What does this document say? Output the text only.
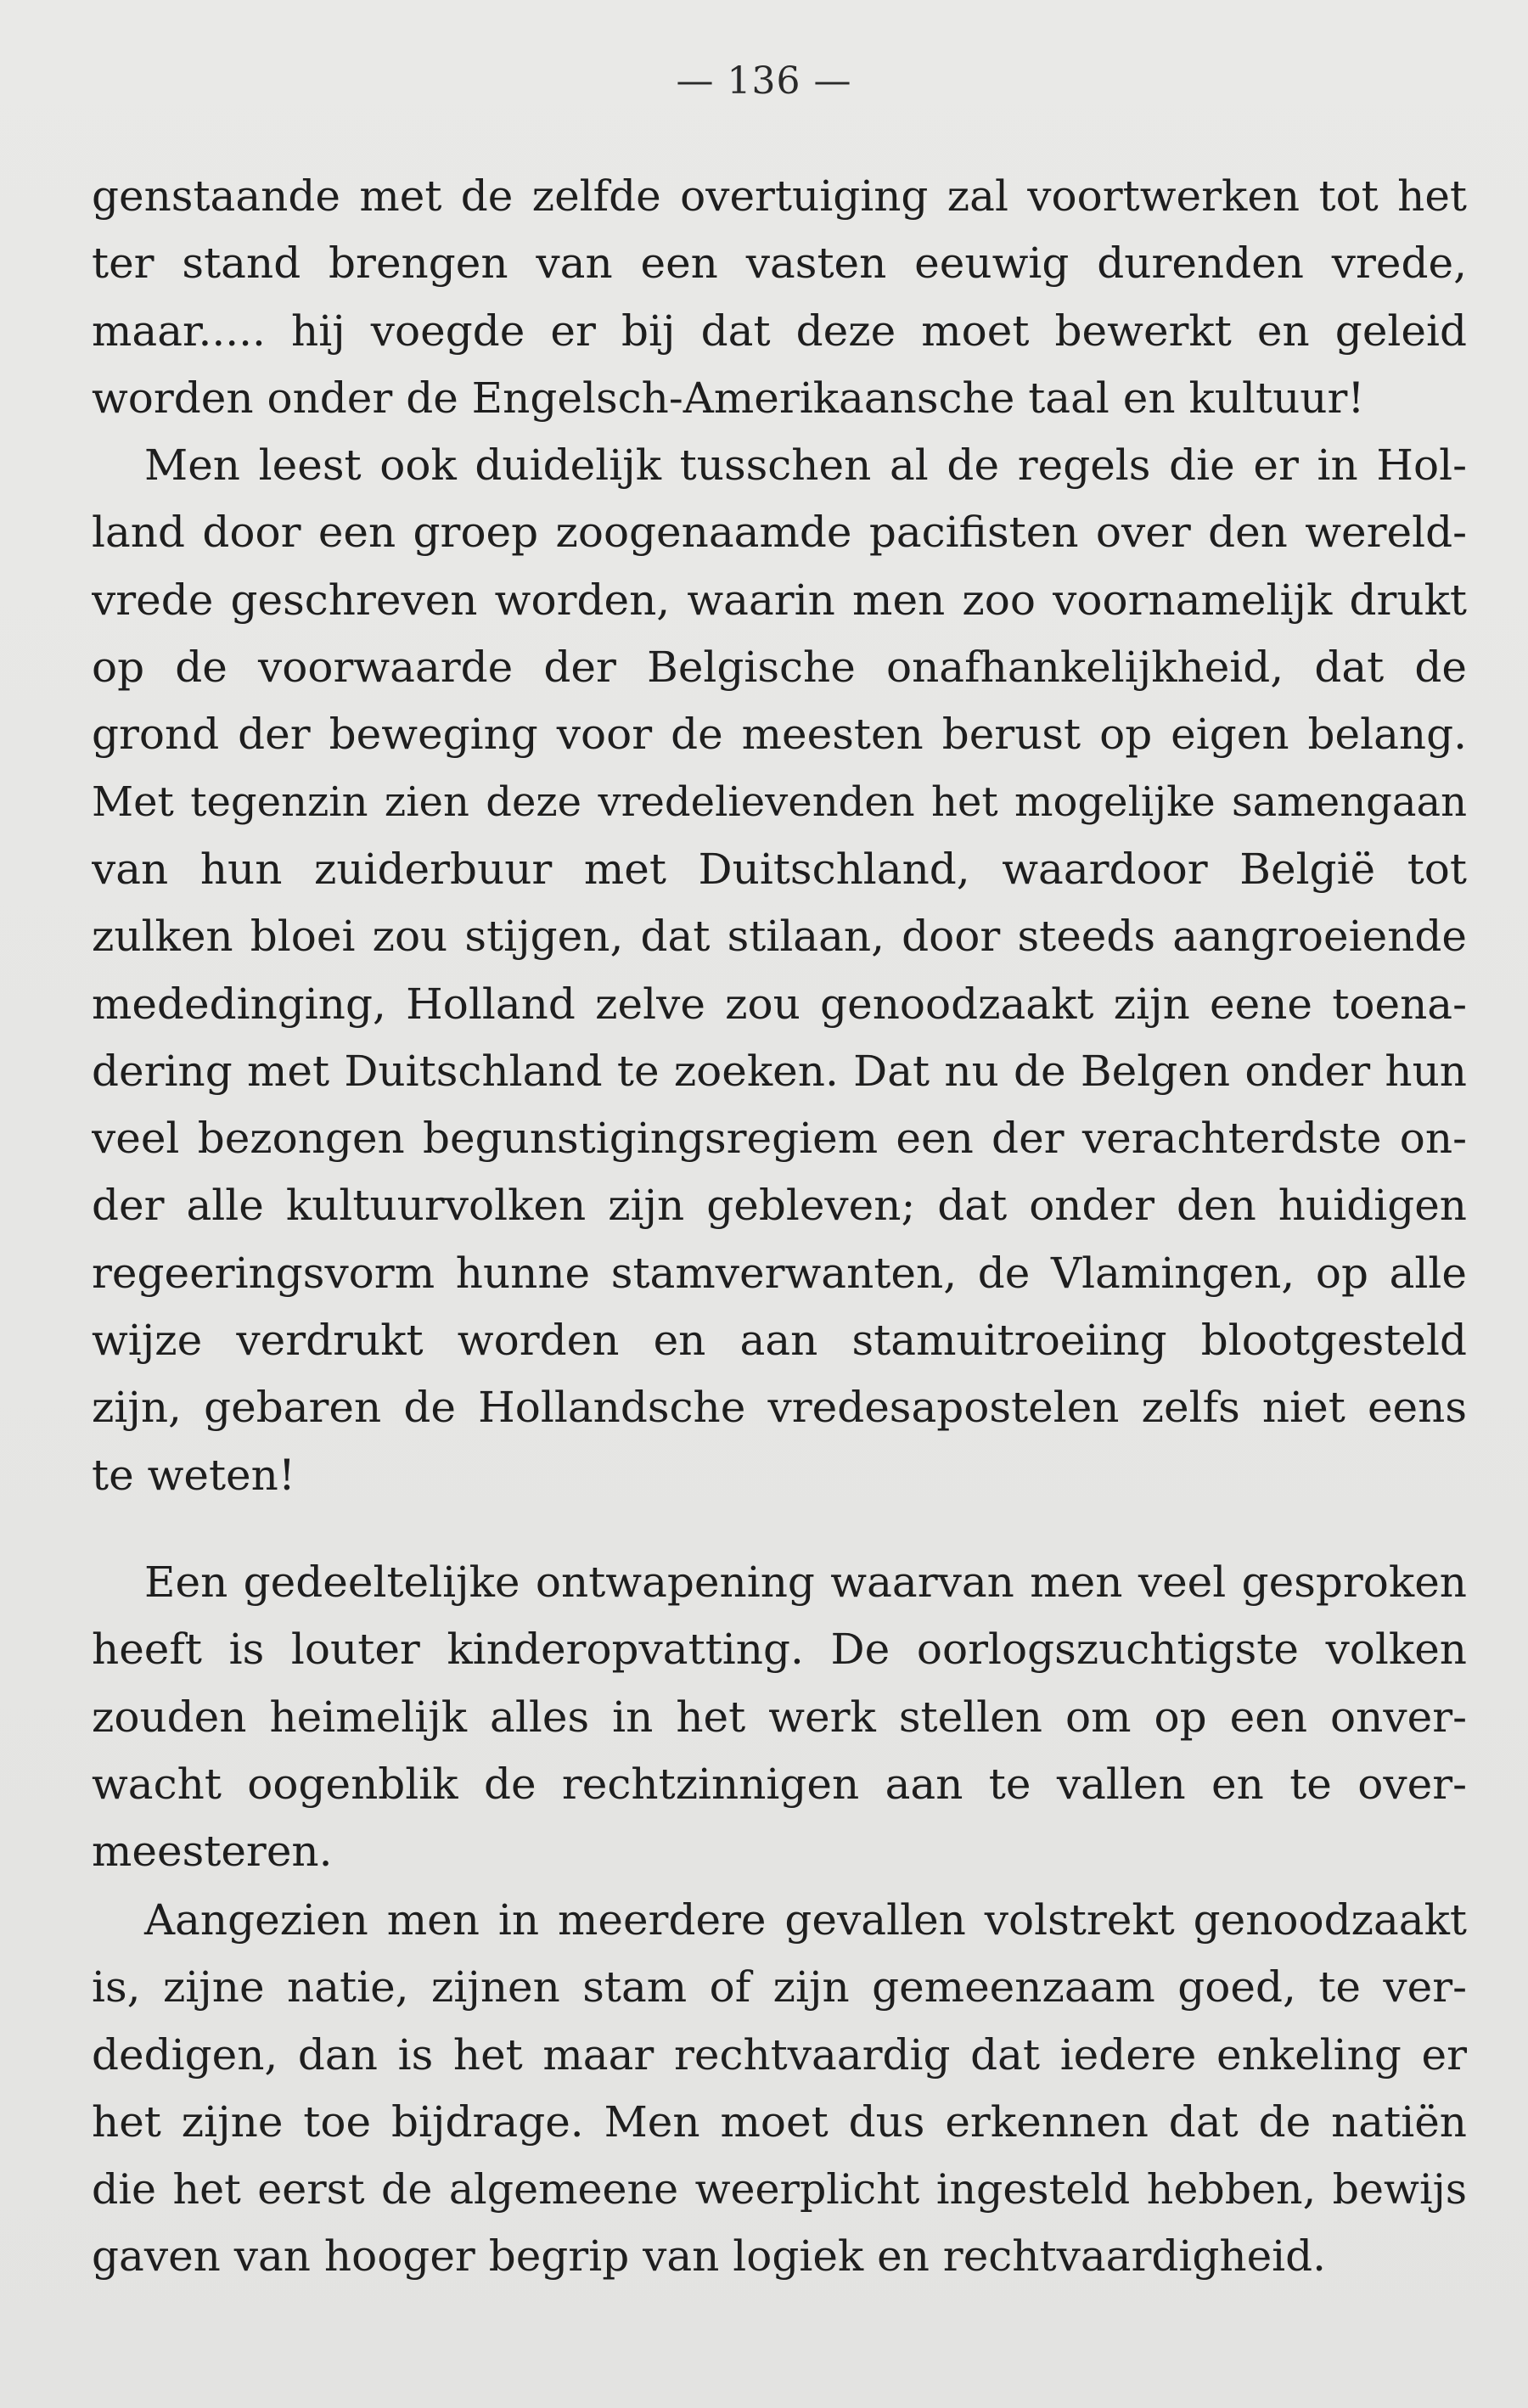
— 136 —
genstaande met de zelfde overtuiging zal voortwerken tot het
ter stand brengen van een vasten eeuwig durenden vrede,
maar..... hij voegde er bij dat deze moet bewerkt en geleid
worden onder de Engelsch-Amerikaansche taal en kultuur!
Men leest ook duidelijk tusschen al de regels die er in Hol-
land door een groep zoogenaamde pacifisten over den wereld-
vrede geschreven worden, waarin men zoo voornamelijk drukt
op de voorwaarde der Belgische onafhankelijkheid, dat de
grond der beweging voor de meesten berust op eigen belang.
Met tegenzin zien deze vredelievenden het mogelijke samengaan
van hun zuiderbuur met Duitschland, waardoor België tot
zulken bloei zou stijgen, dat stilaan, door steeds aangroeiende
mededinging, Holland zelve zou genoodzaakt zijn eene toena-
dering met Duitschland te zoeken. Dat nu de Belgen onder hun
veel bezongen begunstigingsregiem een der verachterdste on-
der alle kultuurvolken zijn gebleven; dat onder den huidigen
regeeringsvorm hunne stamverwanten, de Vlamingen, op alle
wijze verdrukt worden en aan stamuitroeiing blootgesteld
zijn, gebaren de Hollandsche vredesapostelen zelfs niet eens
te weten!
Een gedeeltelijke ontwapening waarvan men veel gesproken
heeft is louter kinderopvatting. De oorlogszuchtigste volken
zouden heimelijk alles in het werk stellen om op een onver-
wacht oogenblik de rechtzinnigen aan te vallen en te over-
meesteren.
Aangezien men in meerdere gevallen volstrekt genoodzaakt
is, zijne natie, zijnen stam of zijn gemeenzaam goed, te ver-
dedigen, dan is het maar rechtvaardig dat iedere enkeling er
het zijne toe bijdrage. Men moet dus erkennen dat de natiën
die het eerst de algemeene weerplicht ingesteld hebben, bewijs
gaven van hooger begrip van logiek en rechtvaardigheid.
